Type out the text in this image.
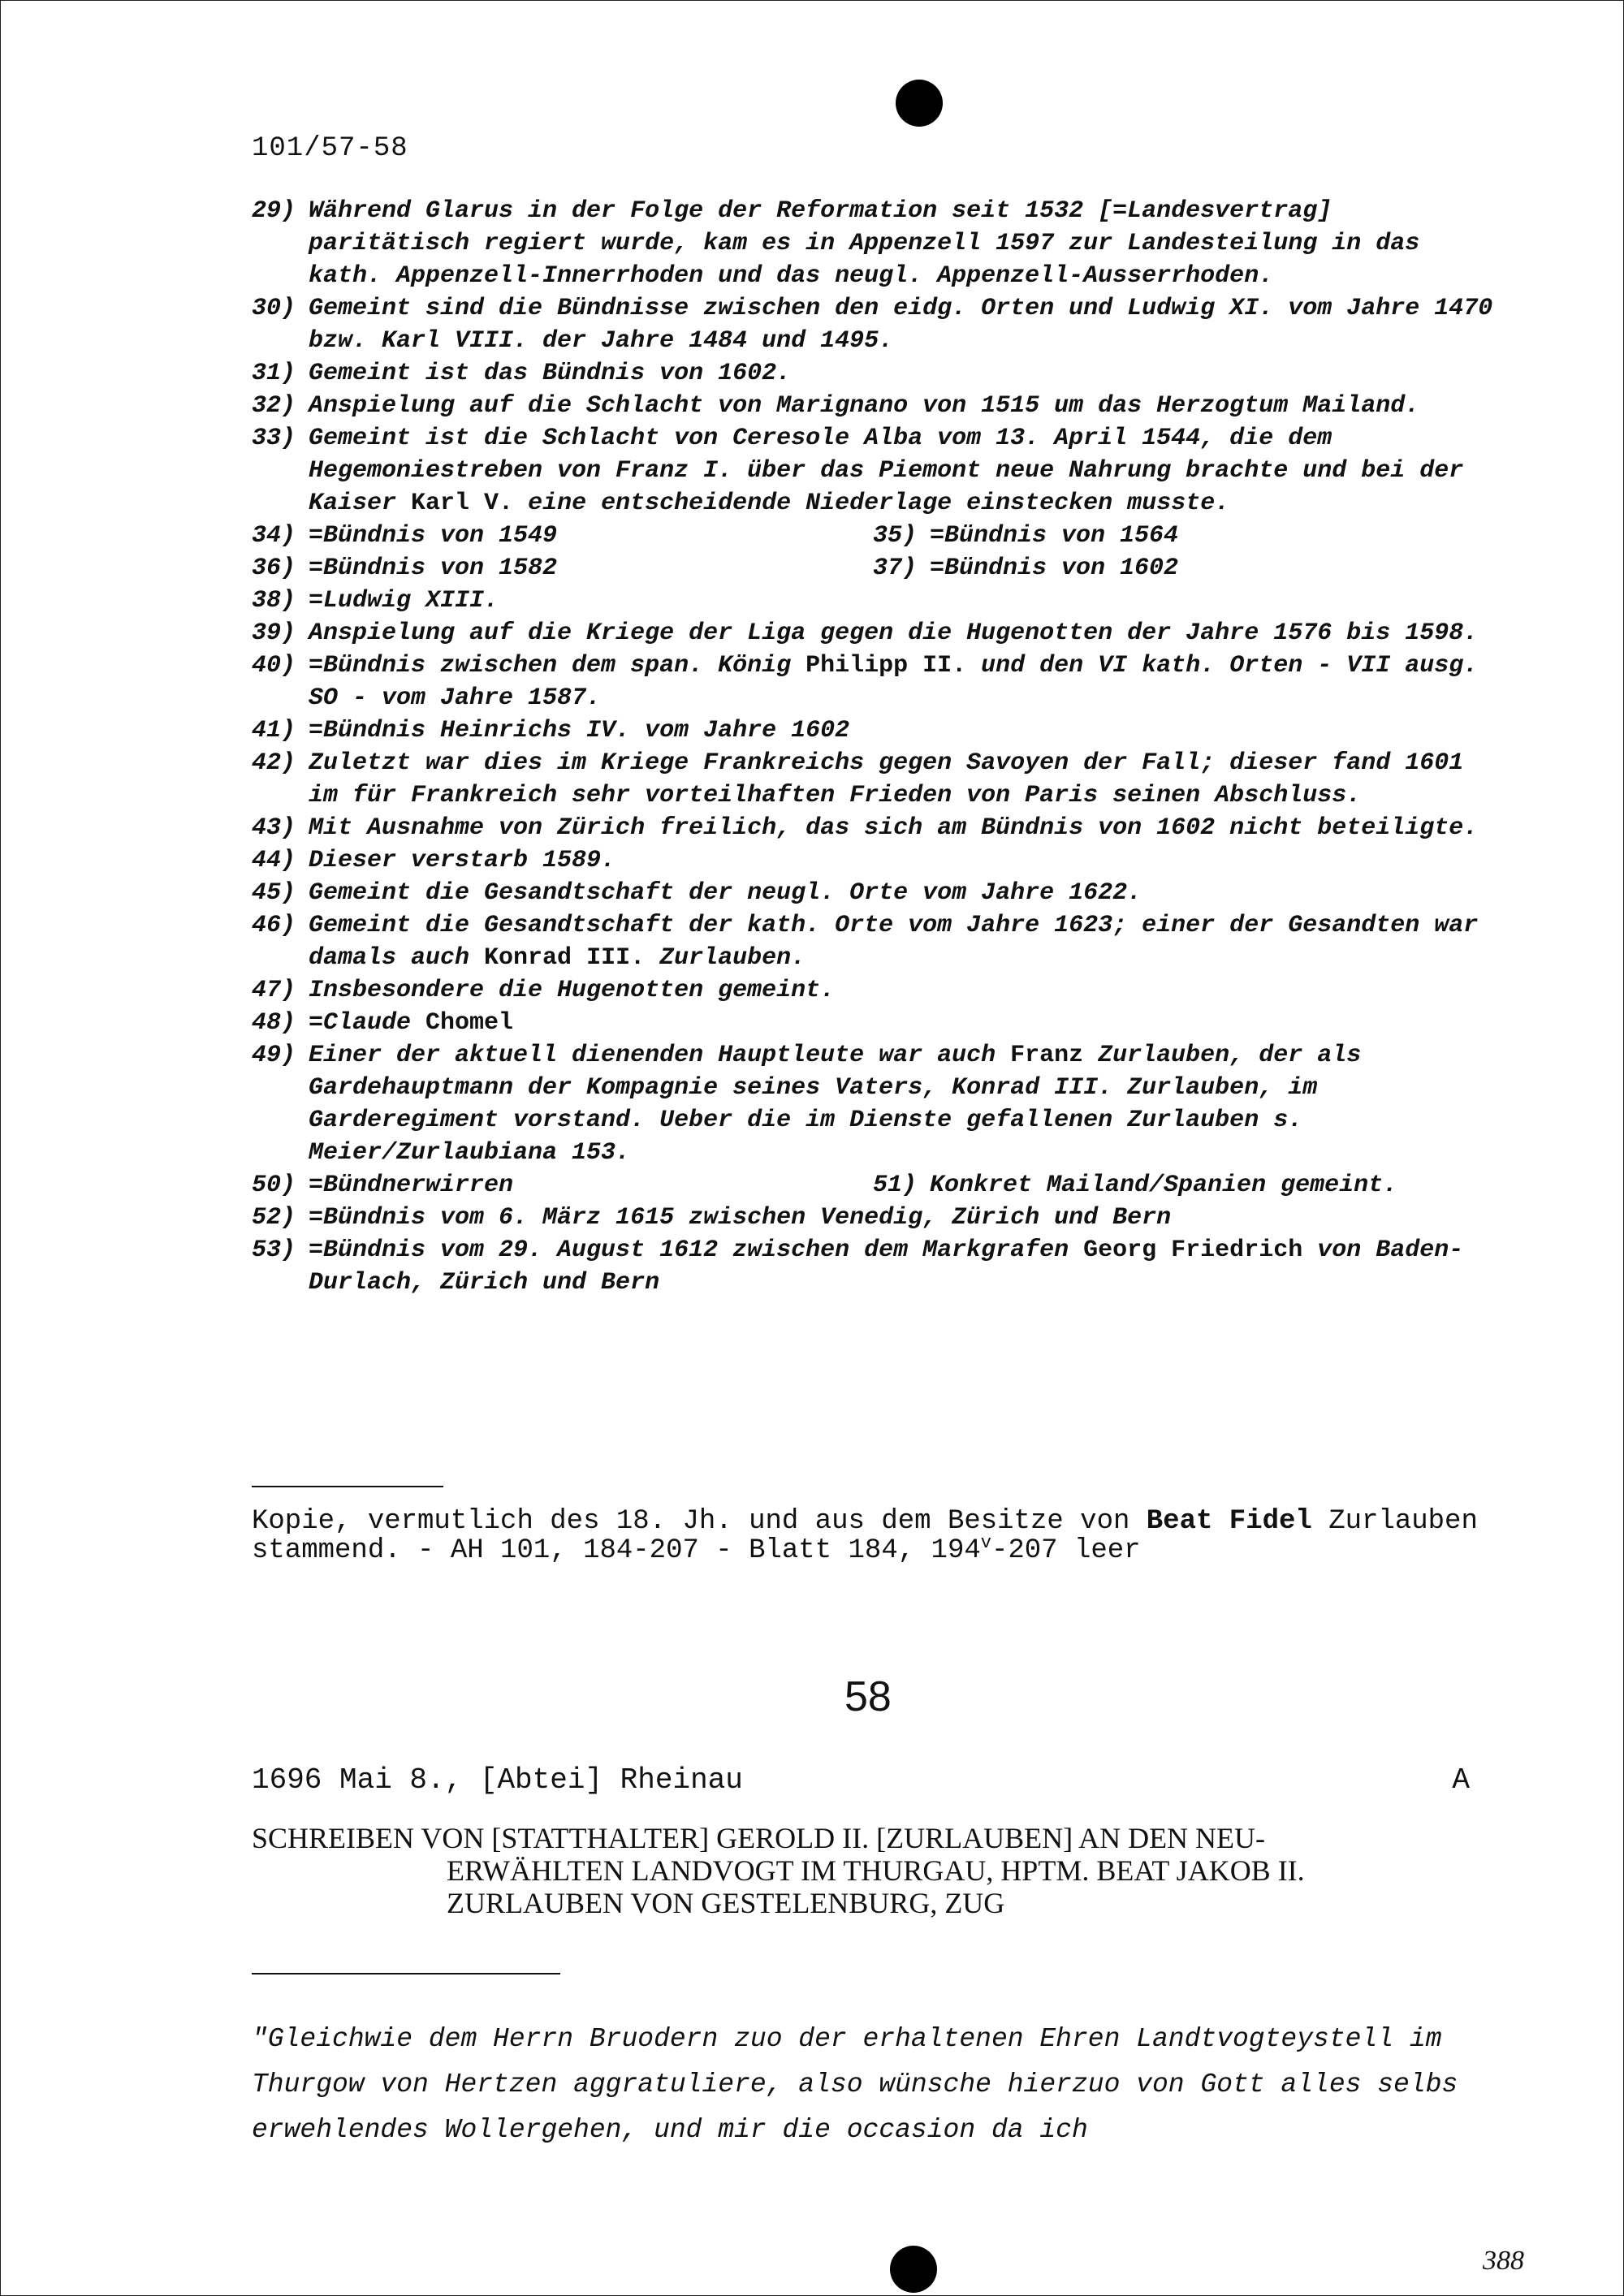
101/57-58
29) Während Glarus in der Folge der Reformation seit 1532 [=Landesvertrag] paritätisch regiert wurde, kam es in Appenzell 1597 zur Landesteilung in das kath. Appenzell-Innerrhoden und das neugl. Appenzell-Ausserrhoden.
30) Gemeint sind die Bündnisse zwischen den eidg. Orten und Ludwig XI. vom Jahre 1470 bzw. Karl VIII. der Jahre 1484 und 1495.
31) Gemeint ist das Bündnis von 1602.
32) Anspielung auf die Schlacht von Marignano von 1515 um das Herzogtum Mailand.
33) Gemeint ist die Schlacht von Ceresole Alba vom 13. April 1544, die dem Hegemoniestreben von Franz I. über das Piemont neue Nahrung brachte und bei der Kaiser Karl V. eine entscheidende Niederlage einstecken musste.
34) =Bündnis von 1549	35) =Bündnis von 1564
36) =Bündnis von 1582	37) =Bündnis von 1602
38) =Ludwig XIII.
39) Anspielung auf die Kriege der Liga gegen die Hugenotten der Jahre 1576 bis 1598.
40) =Bündnis zwischen dem span. König Philipp II. und den VI kath. Orten - VII ausg. SO - vom Jahre 1587.
41) =Bündnis Heinrichs IV. vom Jahre 1602
42) Zuletzt war dies im Kriege Frankreichs gegen Savoyen der Fall; dieser fand 1601 im für Frankreich sehr vorteilhaften Frieden von Paris seinen Abschluss.
43) Mit Ausnahme von Zürich freilich, das sich am Bündnis von 1602 nicht beteiligte.
44) Dieser verstarb 1589.
45) Gemeint die Gesandtschaft der neugl. Orte vom Jahre 1622.
46) Gemeint die Gesandtschaft der kath. Orte vom Jahre 1623; einer der Gesandten war damals auch Konrad III. Zurlauben.
47) Insbesondere die Hugenotten gemeint.
48) =Claude Chomel
49) Einer der aktuell dienenden Hauptleute war auch Franz Zurlauben, der als Gardehauptmann der Kompagnie seines Vaters, Konrad III. Zurlauben, im Garderegiment vorstand. Ueber die im Dienste gefallenen Zurlauben s. Meier/Zurlaubiana 153.
50) =Bündnerwirren	51) Konkret Mailand/Spanien gemeint.
52) =Bündnis vom 6. März 1615 zwischen Venedig, Zürich und Bern
53) =Bündnis vom 29. August 1612 zwischen dem Markgrafen Georg Friedrich von Baden-Durlach, Zürich und Bern
Kopie, vermutlich des 18. Jh. und aus dem Besitze von Beat Fidel Zurlauben stammend. - AH 101, 184-207 - Blatt 184, 194$^v$-207 leer
58
1696 Mai 8., [Abtei] Rheinau	A
SCHREIBEN VON [STATTHALTER] GEROLD II. [ZURLAUBEN] AN DEN NEU-
ERWÄHLTEN LANDVOGT IM THURGAU, HPTM. BEAT JAKOB II.
ZURLAUBEN VON GESTELENBURG, ZUG
"Gleichwie dem Herrn Bruodern zuo der erhaltenen Ehren Landtvogteystell im Thurgow von Hertzen aggratuliere, also wünsche hierzuo von Gott alles selbs erwehlendes Wollergehen, und mir die occasion da ich
388
